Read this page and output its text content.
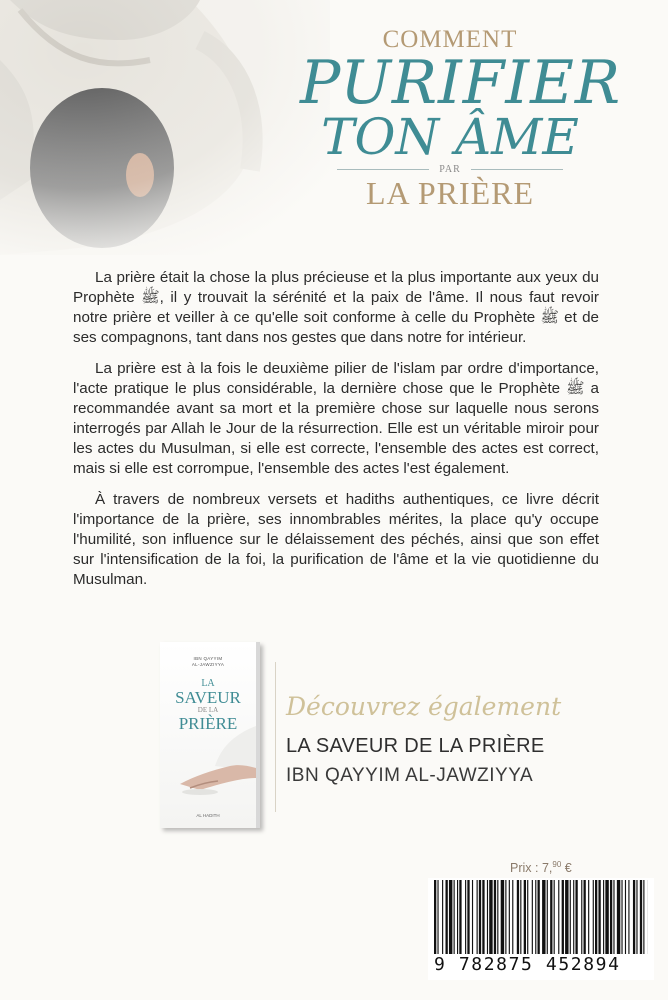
COMMENT
PURIFIER
TON ÂME
PAR
LA PRIÈRE

La prière était la chose la plus précieuse et la plus importante aux yeux du Prophète ﷺ, il y trouvait la sérénité et la paix de l'âme. Il nous faut revoir notre prière et veiller à ce qu'elle soit conforme à celle du Prophète ﷺ et de ses compagnons, tant dans nos gestes que dans notre for intérieur.

La prière est à la fois le deuxième pilier de l'islam par ordre d'importance, l'acte pratique le plus considérable, la dernière chose que le Prophète ﷺ a recommandée avant sa mort et la première chose sur laquelle nous serons interrogés par Allah le Jour de la résurrection. Elle est un véritable miroir pour les actes du Musulman, si elle est correcte, l'ensemble des actes est correct, mais si elle est corrompue, l'ensemble des actes l'est également.

À travers de nombreux versets et hadiths authentiques, ce livre décrit l'importance de la prière, ses innombrables mérites, la place qu'y occupe l'humilité, son influence sur le délaissement des péchés, ainsi que son effet sur l'intensification de la foi, la purification de l'âme et la vie quotidienne du Musulman.

IBN QAYYIM
AL-JAWZIYYA
LA
SAVEUR
DE LA
PRIÈRE
AL HADITH
Découvrez également
LA SAVEUR DE LA PRIÈRE
IBN QAYYIM AL-JAWZIYYA
Prix : 7,90 €
9 782875 452894
